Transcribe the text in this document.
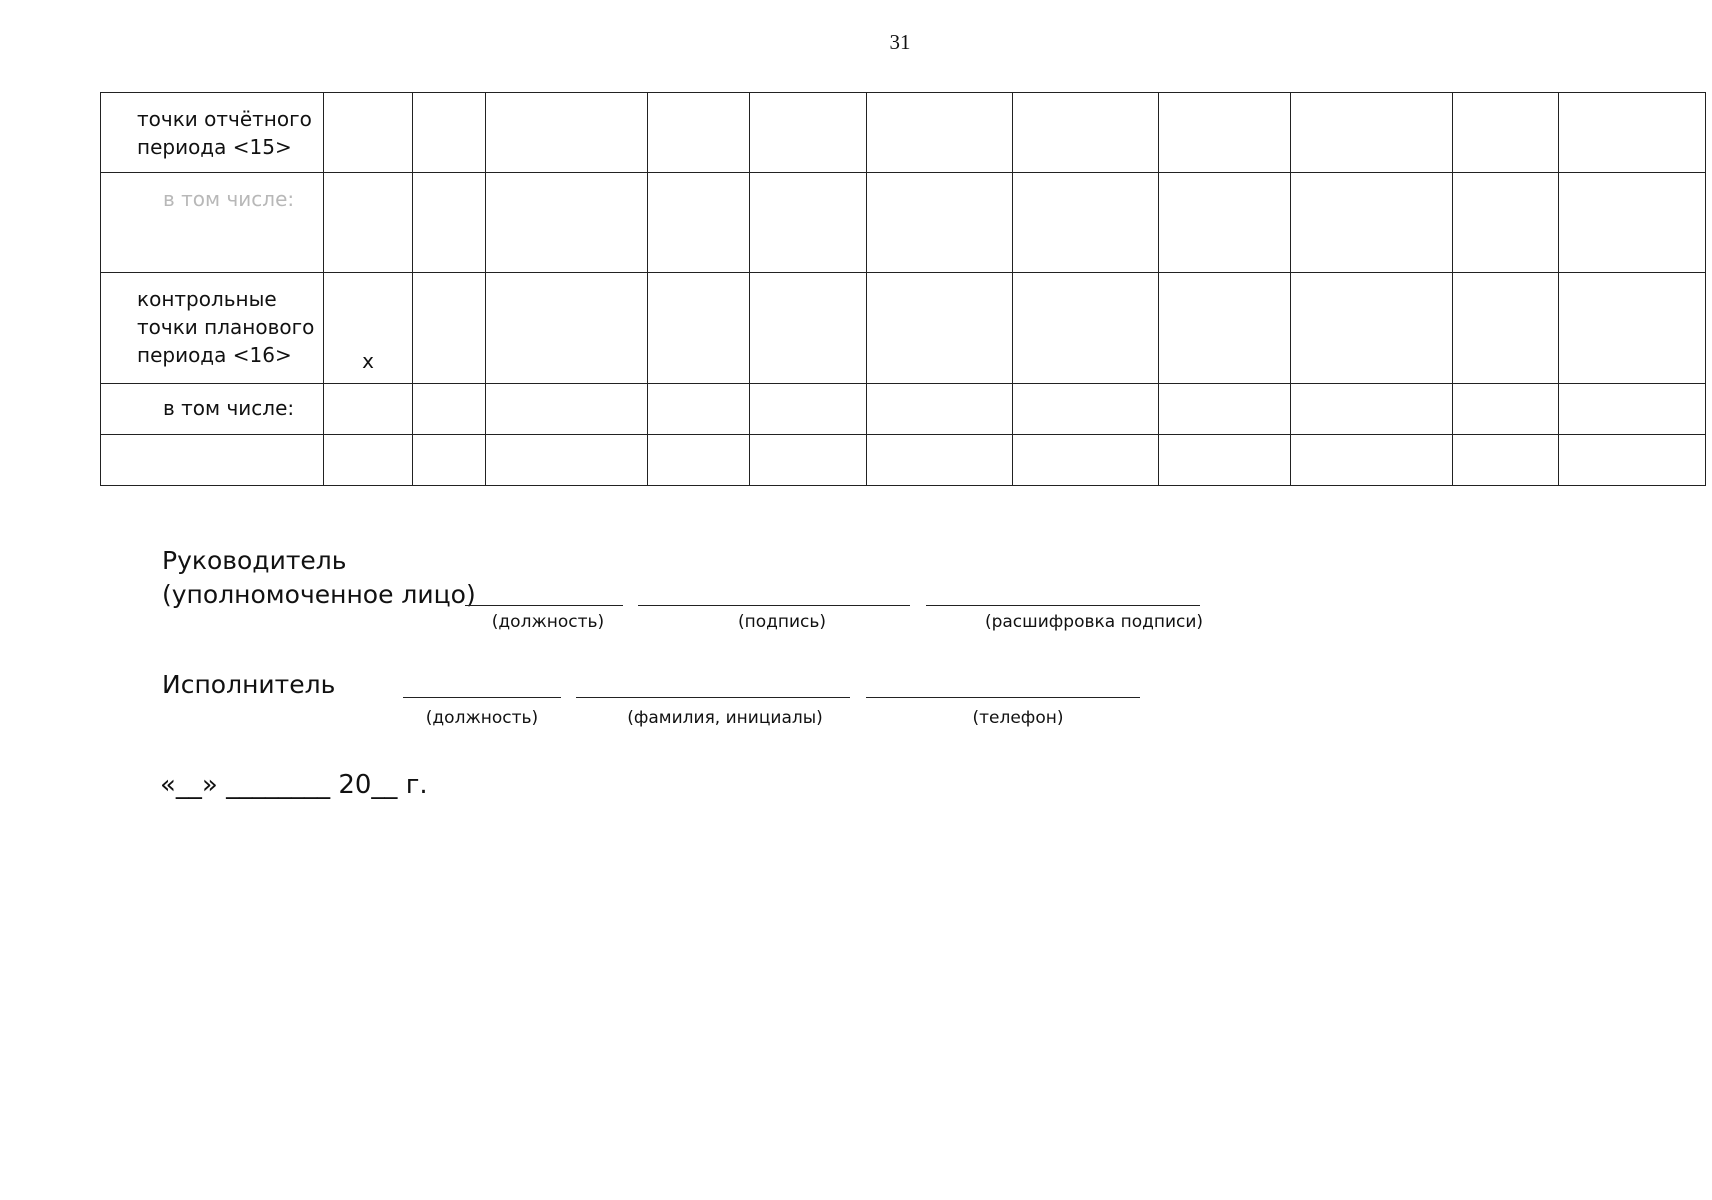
31
точки отчётного периода <15>											
в том числе:											
контрольные точки планового периода <16>	x										
в том числе:											

Руководитель
(уполномоченное лицо)
(должность)	(подпись)	(расшифровка подписи)
Исполнитель
(должность)	(фамилия, инициалы)	(телефон)
«__» ________ 20__ г.
